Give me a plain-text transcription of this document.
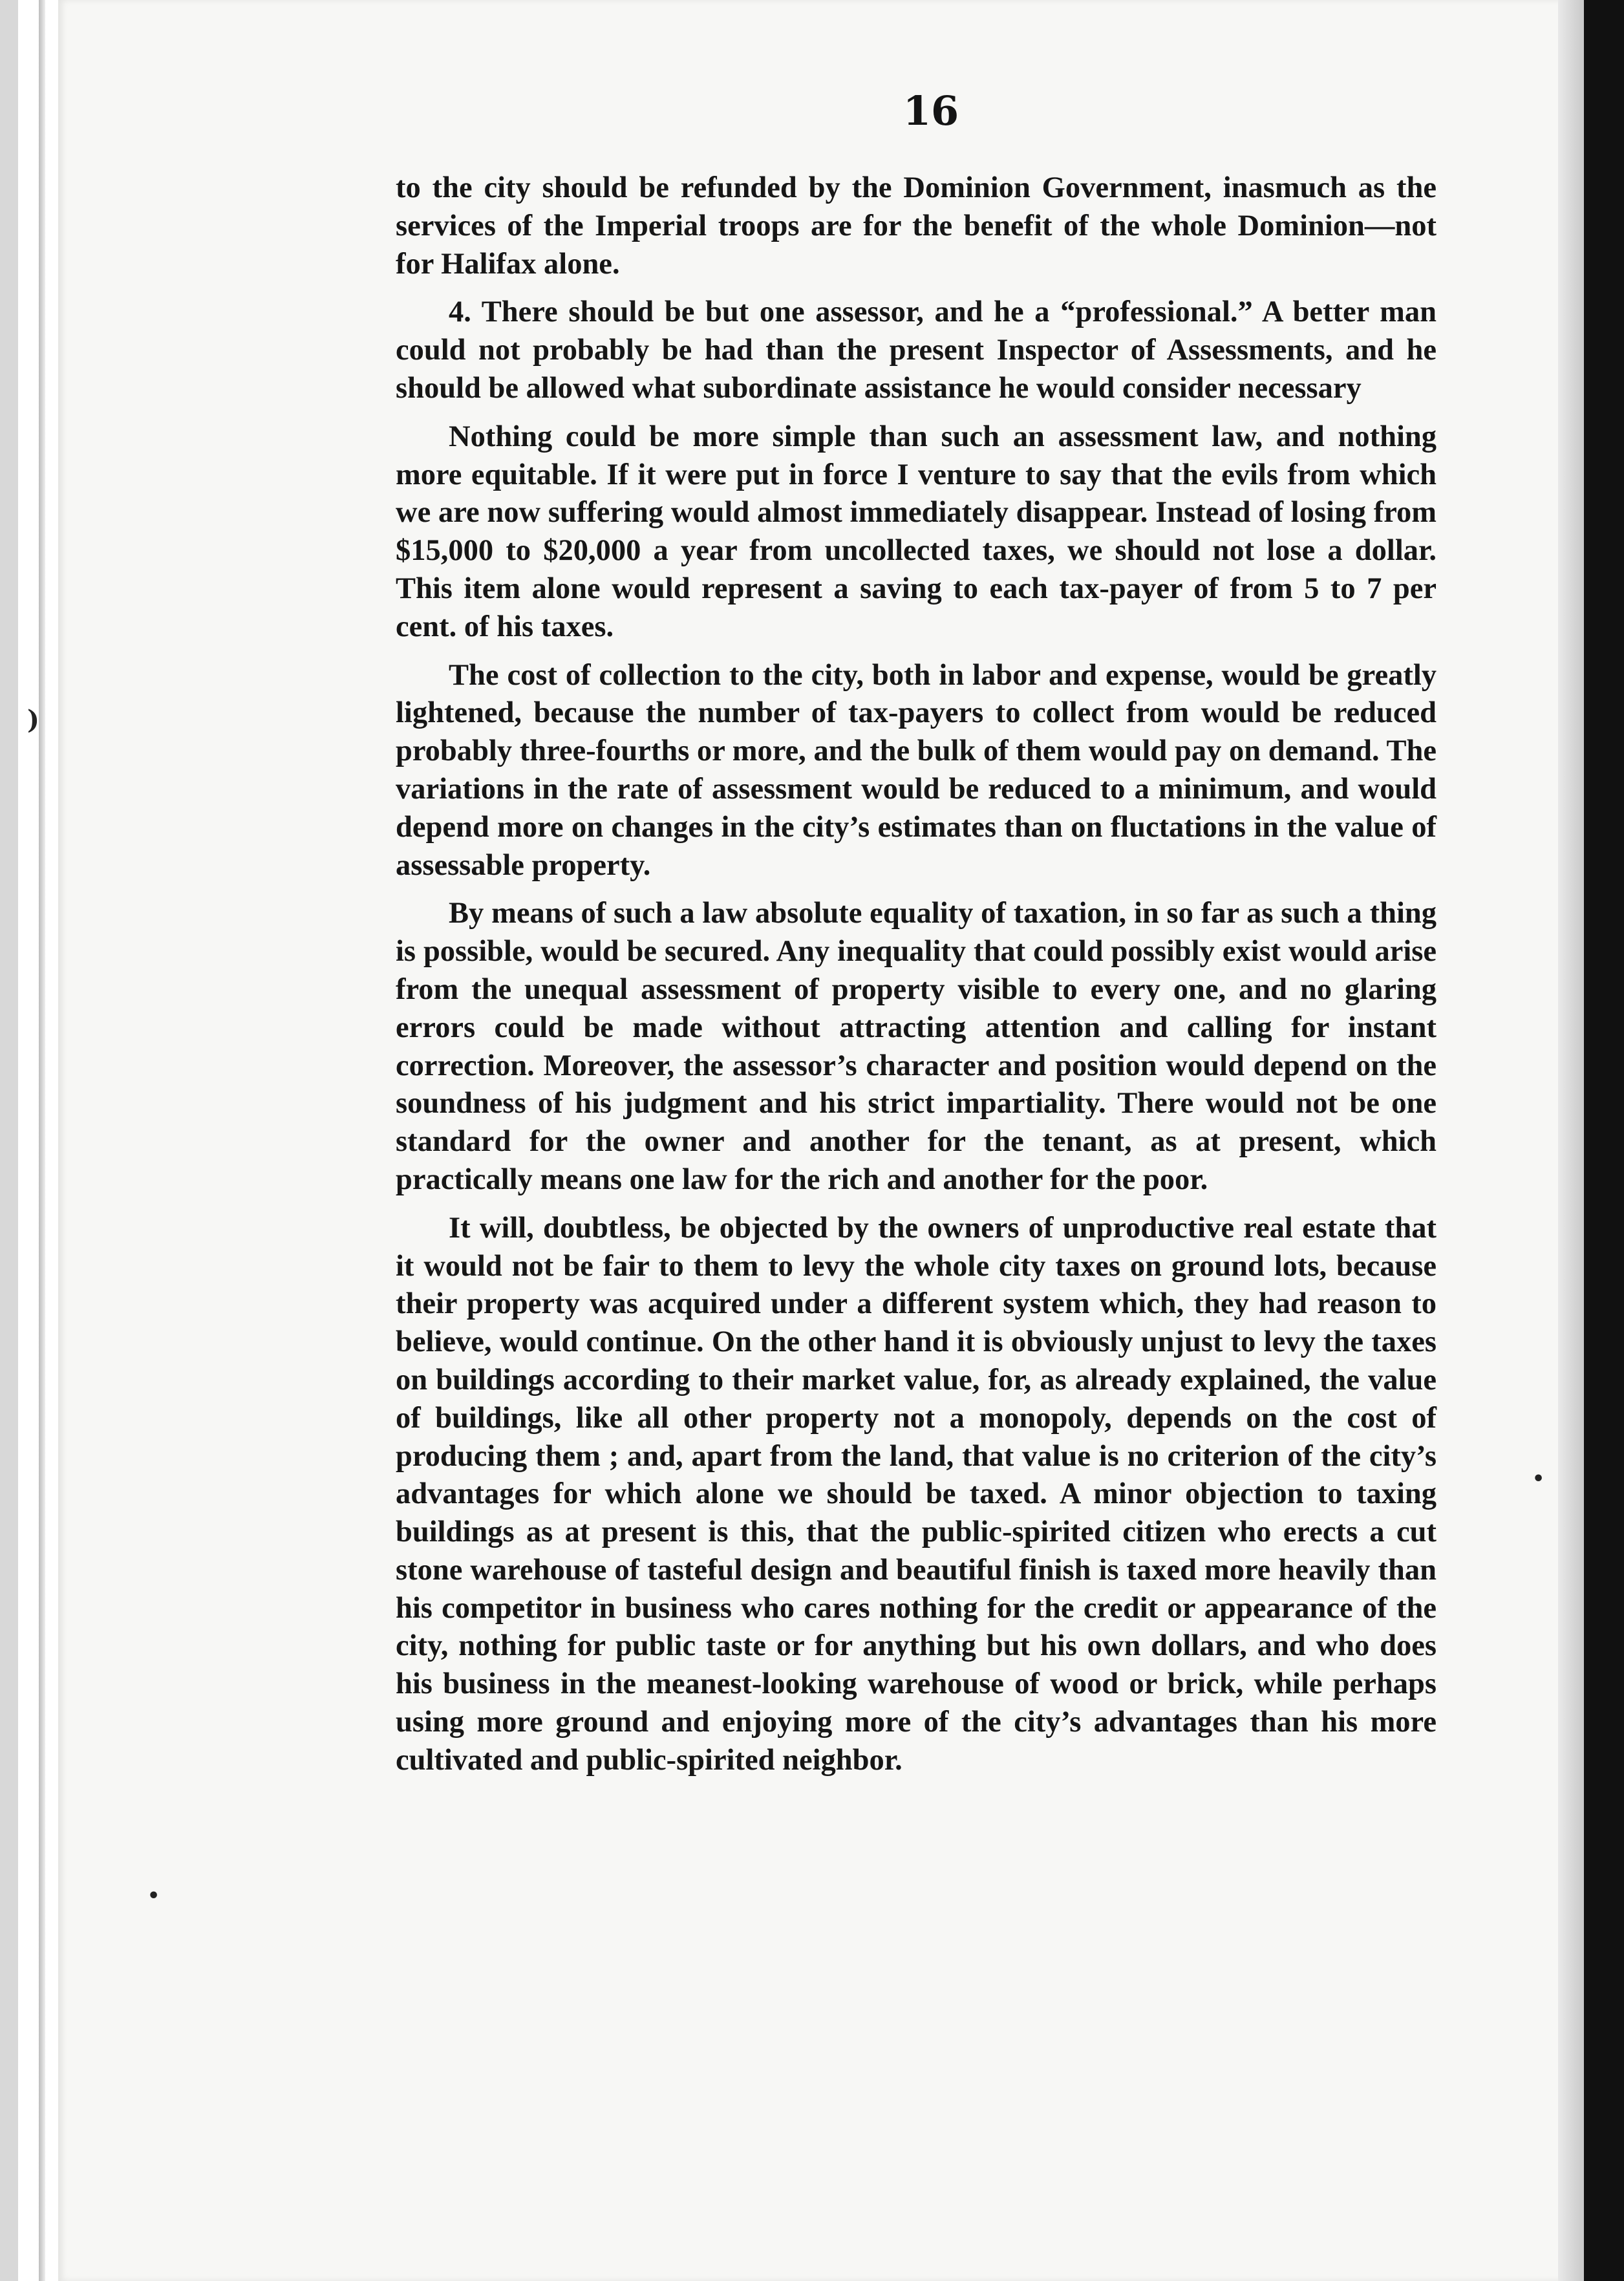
16

to the city should be refunded by the Dominion Government, inasmuch as the services of the Imperial troops are for the benefit of the whole Dominion—not for Halifax alone.

4. There should be but one assessor, and he a “professional.” A better man could not probably be had than the present Inspector of Assessments, and he should be allowed what subordinate assistance he would consider necessary

Nothing could be more simple than such an assessment law, and nothing more equitable. If it were put in force I venture to say that the evils from which we are now suffering would almost immediately disappear. Instead of losing from $15,000 to $20,000 a year from uncollected taxes, we should not lose a dollar. This item alone would represent a saving to each tax-payer of from 5 to 7 per cent. of his taxes.

The cost of collection to the city, both in labor and expense, would be greatly lightened, because the number of tax-payers to collect from would be reduced probably three-fourths or more, and the bulk of them would pay on demand. The variations in the rate of assessment would be reduced to a minimum, and would depend more on changes in the city’s estimates than on fluctations in the value of assessable property.

By means of such a law absolute equality of taxation, in so far as such a thing is possible, would be secured. Any inequality that could possibly exist would arise from the unequal assessment of property visible to every one, and no glaring errors could be made without attracting attention and calling for instant correction. Moreover, the assessor’s character and position would depend on the soundness of his judgment and his strict impartiality. There would not be one standard for the owner and another for the tenant, as at present, which practically means one law for the rich and another for the poor.

It will, doubtless, be objected by the owners of unproductive real estate that it would not be fair to them to levy the whole city taxes on ground lots, because their property was acquired under a different system which, they had reason to believe, would continue. On the other hand it is obviously unjust to levy the taxes on buildings according to their market value, for, as already explained, the value of buildings, like all other property not a monopoly, depends on the cost of producing them ; and, apart from the land, that value is no criterion of the city’s advantages for which alone we should be taxed. A minor objection to taxing buildings as at present is this, that the public-spirited citizen who erects a cut stone warehouse of tasteful design and beautiful finish is taxed more heavily than his competitor in business who cares nothing for the credit or appearance of the city, nothing for public taste or for anything but his own dollars, and who does his business in the meanest-looking warehouse of wood or brick, while perhaps using more ground and enjoying more of the city’s advantages than his more cultivated and public-spirited neighbor.

)
•
•
